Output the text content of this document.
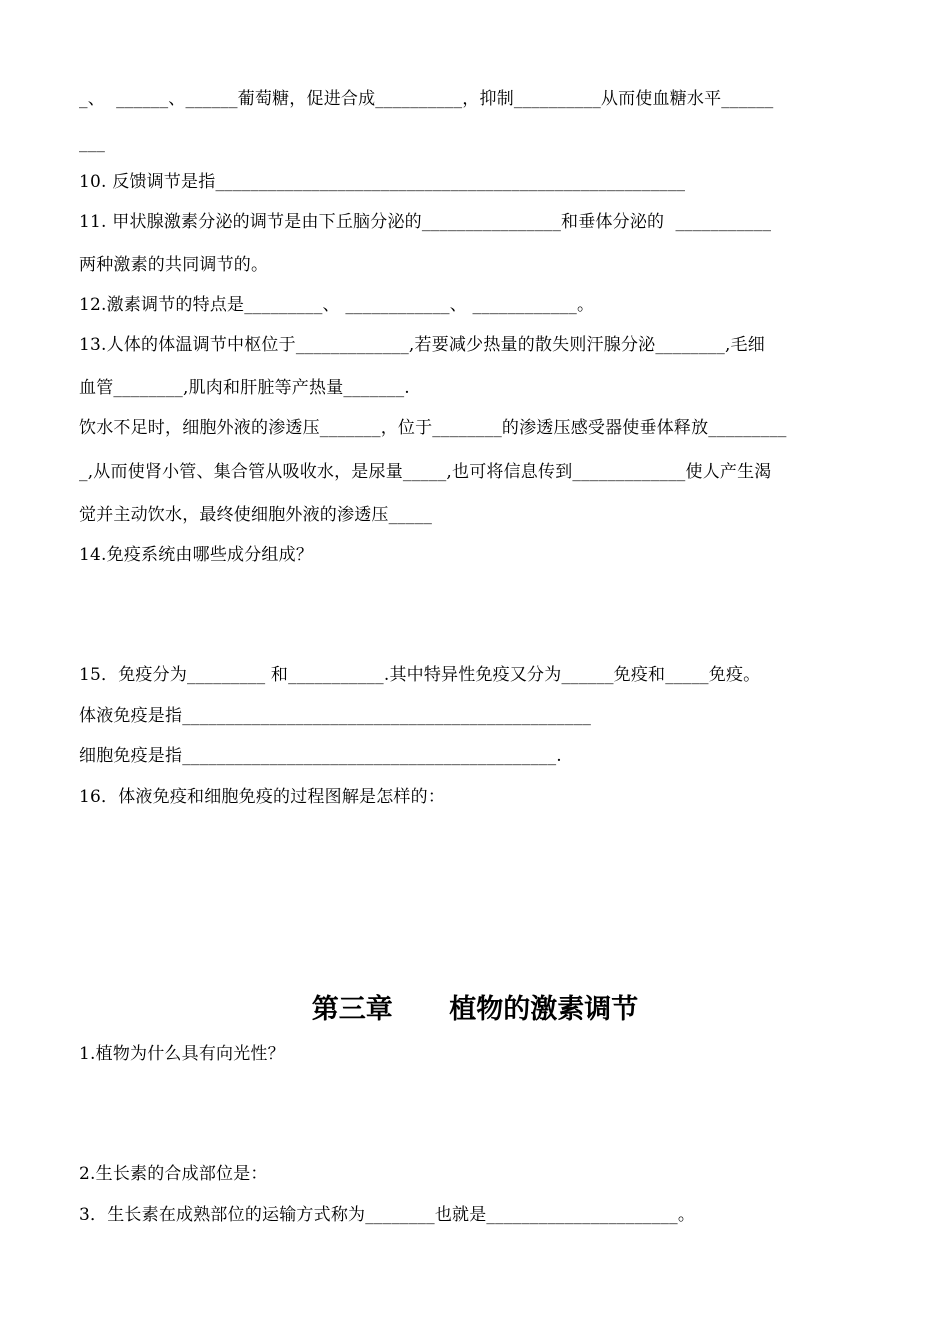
_、  ______、______葡萄糖，促进合成__________，抑制__________从而使血糖水平______
___
10. 反馈调节是指______________________________________________________
11. 甲状腺激素分泌的调节是由下丘脑分泌的________________和垂体分泌的  ___________
两种激素的共同调节的。
12.激素调节的特点是_________、 ____________、 ____________。
13.人体的体温调节中枢位于_____________,若要减少热量的散失则汗腺分泌________,毛细
血管________,肌肉和肝脏等产热量_______.
饮水不足时，细胞外液的渗透压_______，位于________的渗透压感受器使垂体释放_________
_,从而使肾小管、集合管从吸收水，是尿量_____,也可将信息传到_____________使人产生渴
觉并主动饮水，最终使细胞外液的渗透压_____
14.免疫系统由哪些成分组成？
15．免疫分为_________ 和___________.其中特异性免疫又分为______免疫和_____免疫。
体液免疫是指_______________________________________________
细胞免疫是指___________________________________________.
16．体液免疫和细胞免疫的过程图解是怎样的：
第三章      植物的激素调节
1.植物为什么具有向光性？
2.生长素的合成部位是：
3．生长素在成熟部位的运输方式称为________也就是______________________。
